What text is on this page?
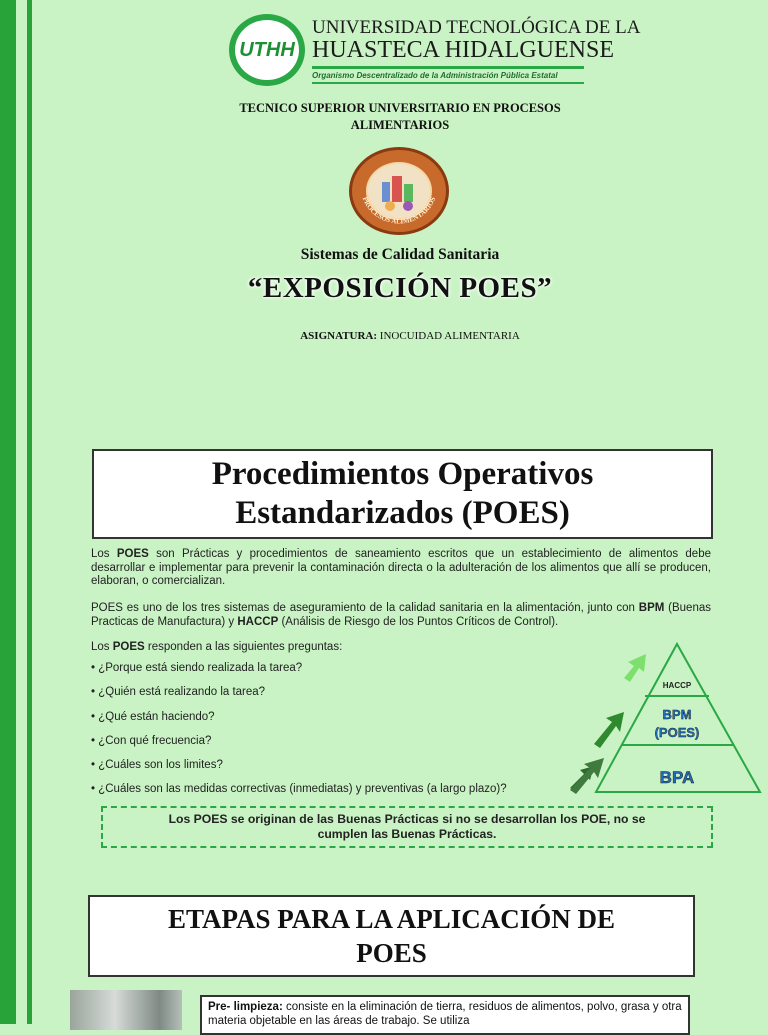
UTHH
UNIVERSIDAD TECNOLÓGICA DE LA
HUASTECA HIDALGUENSE
Organismo Descentralizado de la Administración Pública Estatal
TECNICO SUPERIOR UNIVERSITARIO EN PROCESOS
ALIMENTARIOS
PROCESOS ALIMENTARIOS
Sistemas de Calidad Sanitaria
“EXPOSICIÓN POES”
ASIGNATURA: INOCUIDAD ALIMENTARIA
Procedimientos Operativos
Estandarizados (POES)
Los POES son Prácticas y procedimientos de saneamiento escritos que un establecimiento de alimentos debe desarrollar e implementar para prevenir la contaminación directa o la adulteración de los alimentos que allí se producen, elaboran, o comercializan.
POES es uno de los tres sistemas de aseguramiento de la calidad sanitaria en la alimentación, junto con BPM (Buenas Practicas de Manufactura) y HACCP (Análisis de Riesgo de los Puntos Críticos de Control).
Los POES responden a las siguientes preguntas:
• ¿Porque está siendo realizada la tarea?
• ¿Quién está realizando la tarea?
• ¿Qué están haciendo?
• ¿Con qué frecuencia?
• ¿Cuáles son los limites?
• ¿Cuáles son las medidas correctivas (inmediatas) y preventivas (a largo plazo)?
HACCP
BPM
(POES)
BPA
Los POES se originan de las Buenas Prácticas si no se desarrollan los POE, no se
cumplen las Buenas Prácticas.
ETAPAS PARA LA APLICACIÓN DE
POES
Pre- limpieza: consiste en la eliminación de tierra, residuos de alimentos, polvo, grasa y otra materia objetable en las áreas de trabajo. Se utiliza
